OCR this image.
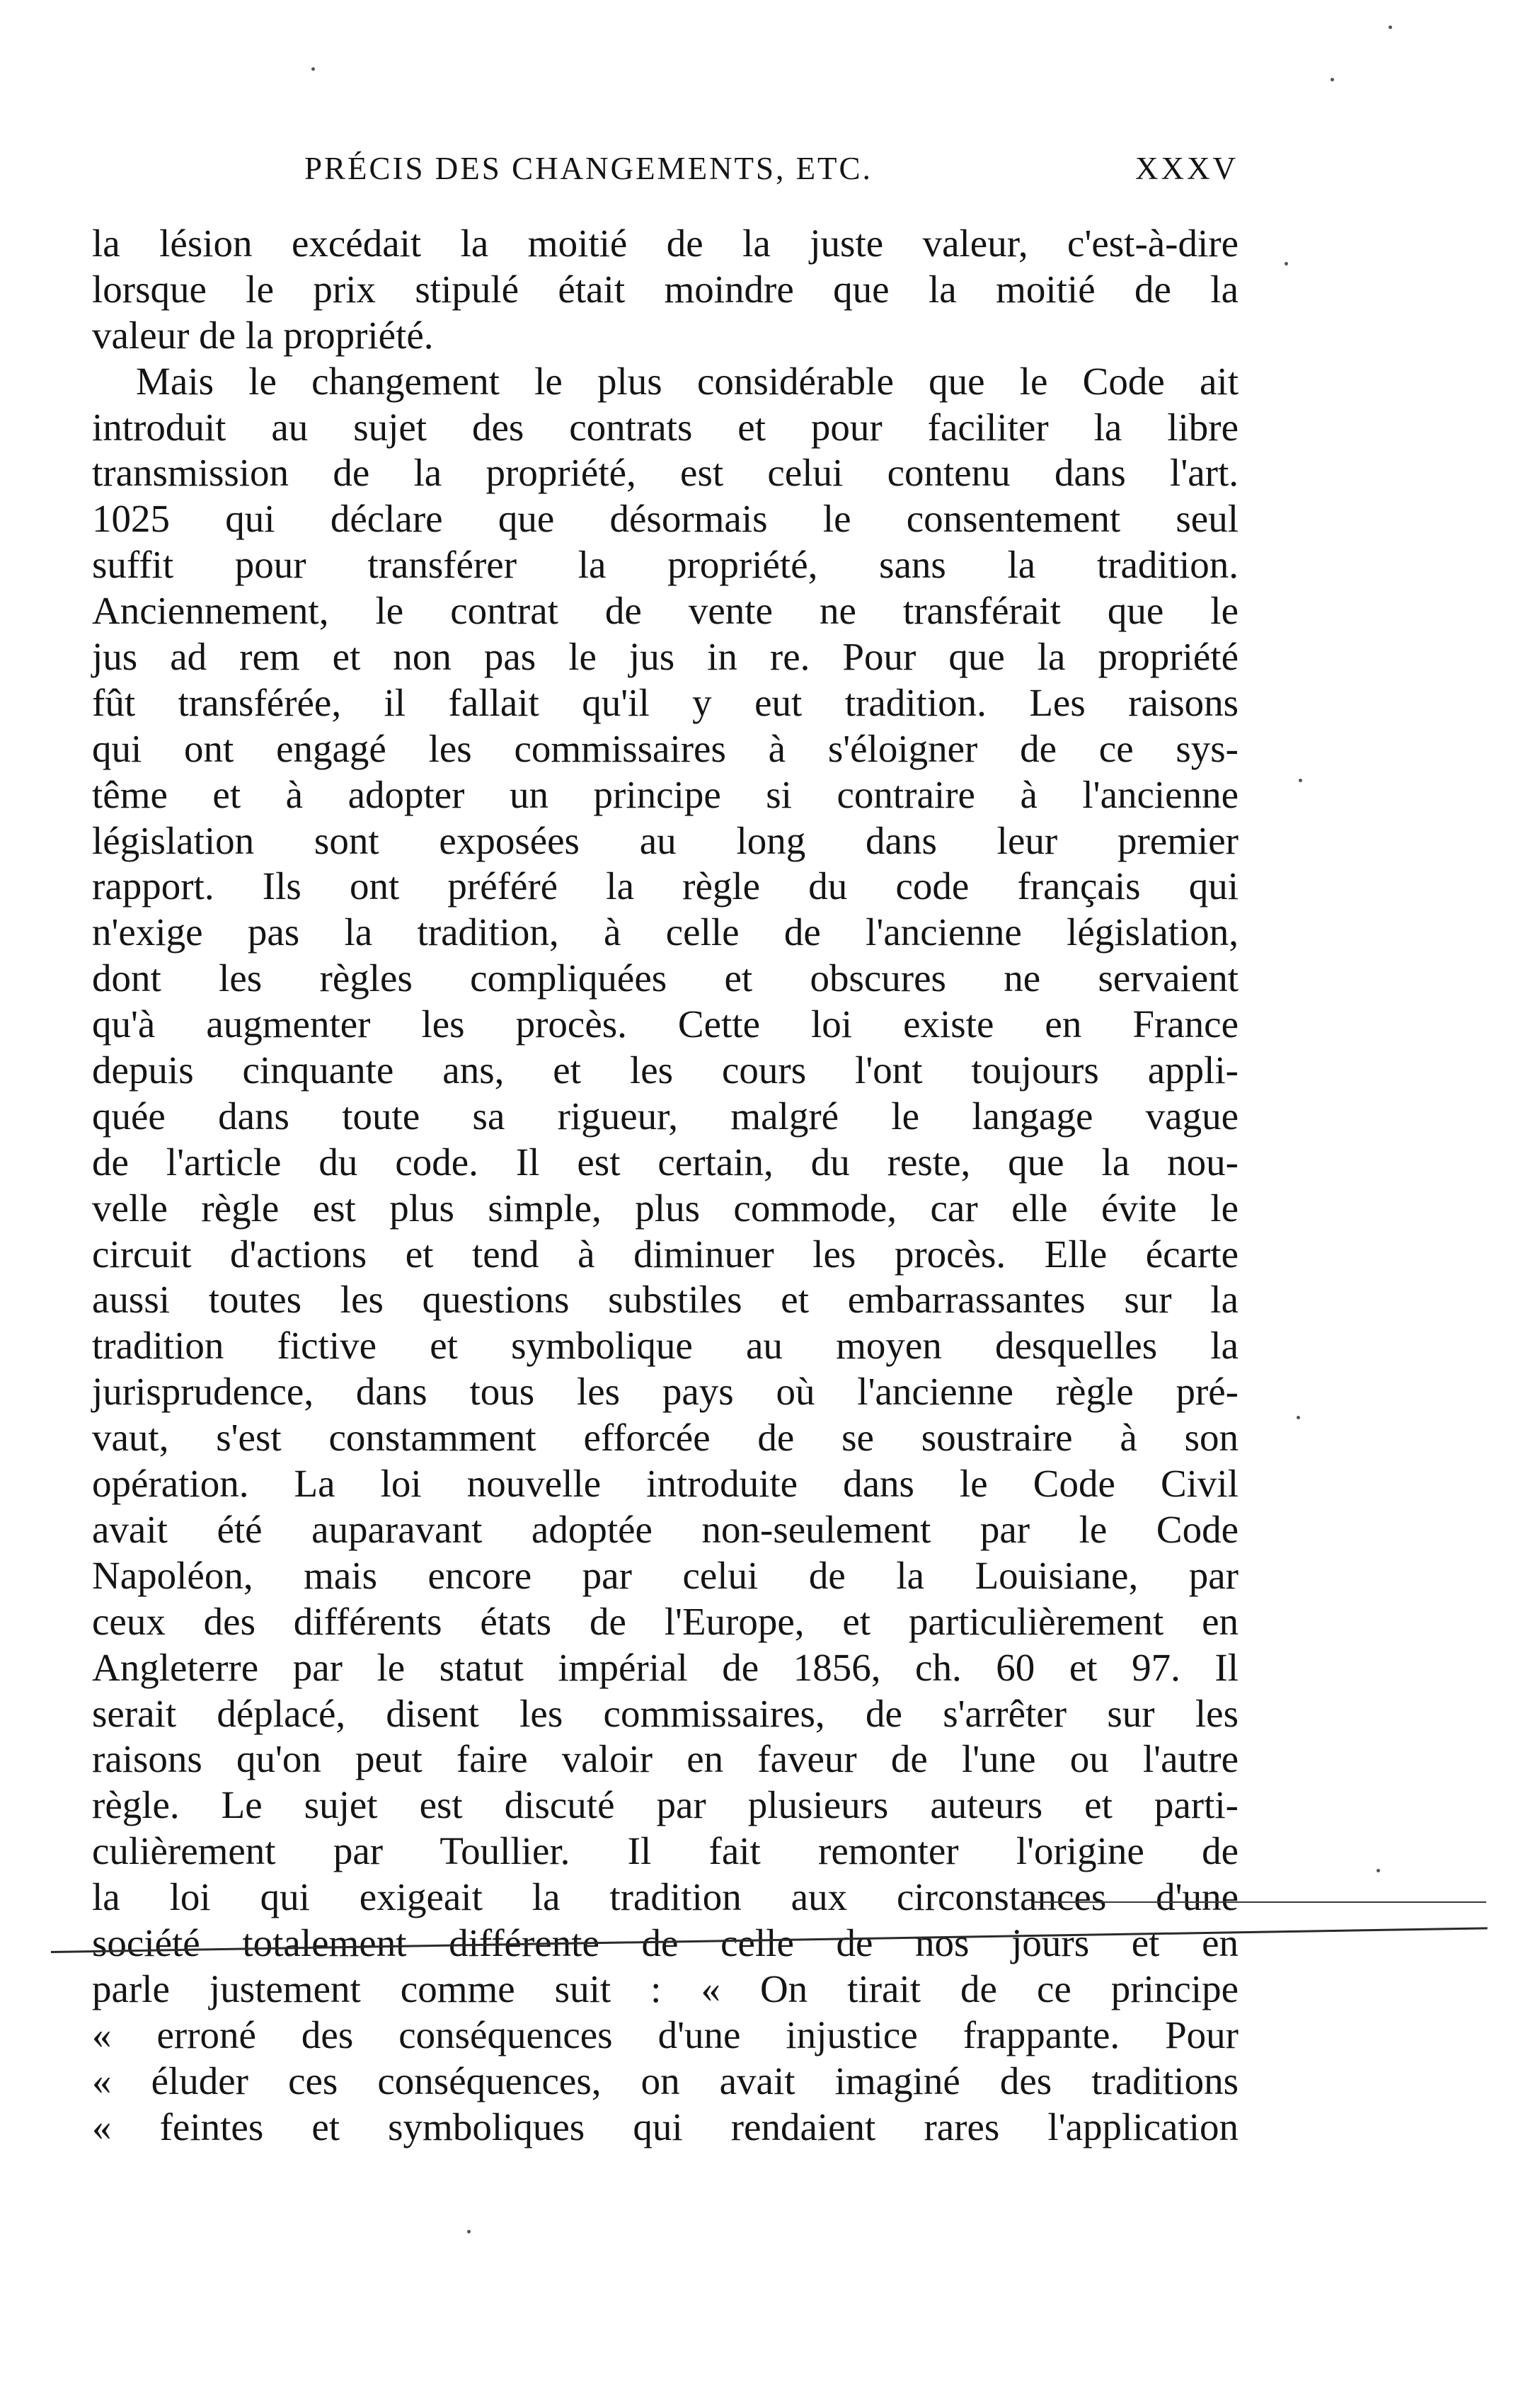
PRÉCIS DES CHANGEMENTS, ETC.	XXXV
la lésion excédait la moitié de la juste valeur, c'est-à-dire
lorsque le prix stipulé était moindre que la moitié de la
valeur de la propriété.
Mais le changement le plus considérable que le Code ait
introduit au sujet des contrats et pour faciliter la libre
transmission de la propriété, est celui contenu dans l'art.
1025 qui déclare que désormais le consentement seul
suffit pour transférer la propriété, sans la tradition.
Anciennement, le contrat de vente ne transférait que le
jus ad rem et non pas le jus in re. Pour que la propriété
fût transférée, il fallait qu'il y eut tradition. Les raisons
qui ont engagé les commissaires à s'éloigner de ce sys-
tême et à adopter un principe si contraire à l'ancienne
législation sont exposées au long dans leur premier
rapport. Ils ont préféré la règle du code français qui
n'exige pas la tradition, à celle de l'ancienne législation,
dont les règles compliquées et obscures ne servaient
qu'à augmenter les procès. Cette loi existe en France
depuis cinquante ans, et les cours l'ont toujours appli-
quée dans toute sa rigueur, malgré le langage vague
de l'article du code. Il est certain, du reste, que la nou-
velle règle est plus simple, plus commode, car elle évite le
circuit d'actions et tend à diminuer les procès. Elle écarte
aussi toutes les questions substiles et embarrassantes sur la
tradition fictive et symbolique au moyen desquelles la
jurisprudence, dans tous les pays où l'ancienne règle pré-
vaut, s'est constamment efforcée de se soustraire à son
opération. La loi nouvelle introduite dans le Code Civil
avait été auparavant adoptée non-seulement par le Code
Napoléon, mais encore par celui de la Louisiane, par
ceux des différents états de l'Europe, et particulièrement en
Angleterre par le statut impérial de 1856, ch. 60 et 97. Il
serait déplacé, disent les commissaires, de s'arrêter sur les
raisons qu'on peut faire valoir en faveur de l'une ou l'autre
règle. Le sujet est discuté par plusieurs auteurs et parti-
culièrement par Toullier. Il fait remonter l'origine de
la loi qui exigeait la tradition aux circonstances d'une
société totalement différente de celle de nos jours et en
parle justement comme suit : « On tirait de ce principe
« erroné des conséquences d'une injustice frappante. Pour
« éluder ces conséquences, on avait imaginé des traditions
« feintes et symboliques qui rendaient rares l'application
